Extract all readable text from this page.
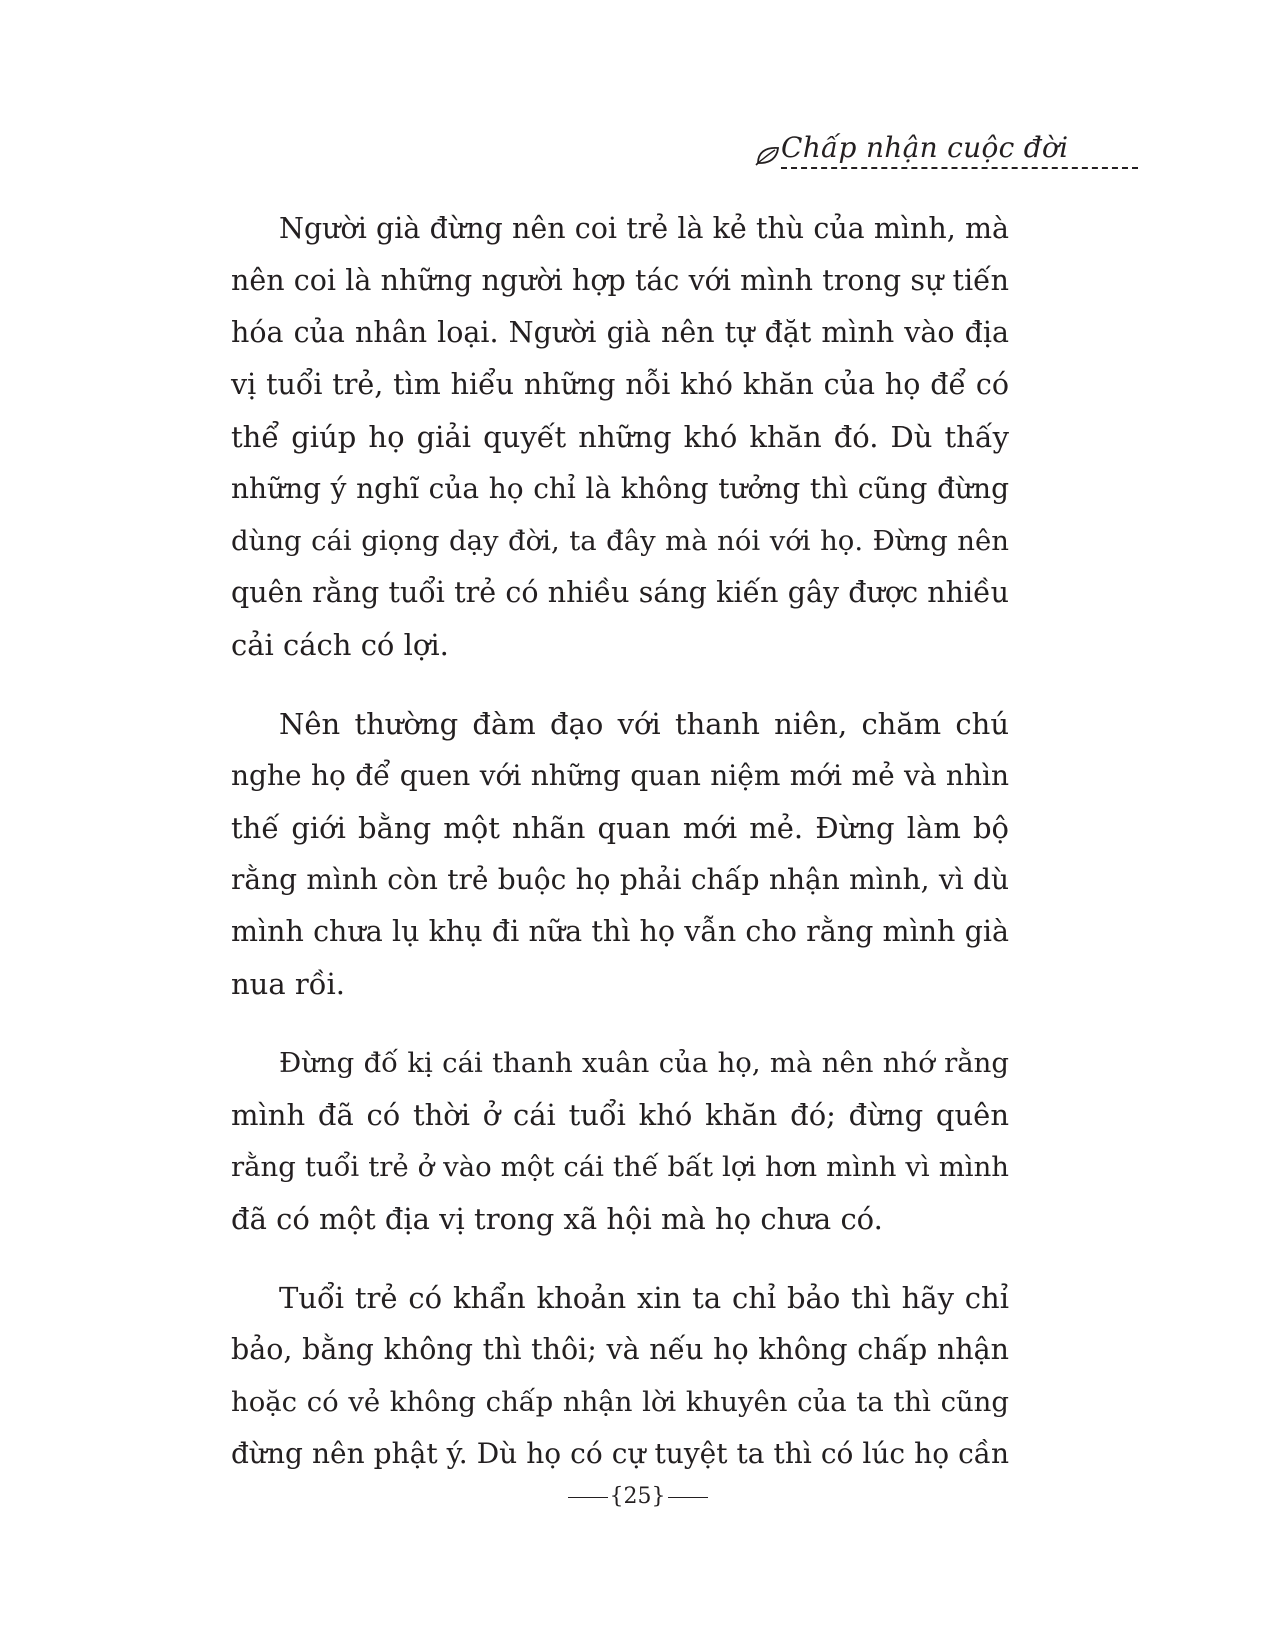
Chấp nhận cuộc đời

Người già đừng nên coi trẻ là kẻ thù của mình, mà
nên coi là những người hợp tác với mình trong sự tiến
hóa của nhân loại. Người già nên tự đặt mình vào địa
vị tuổi trẻ, tìm hiểu những nỗi khó khăn của họ để có
thể giúp họ giải quyết những khó khăn đó. Dù thấy
những ý nghĩ của họ chỉ là không tưởng thì cũng đừng
dùng cái giọng dạy đời, ta đây mà nói với họ. Đừng nên
quên rằng tuổi trẻ có nhiều sáng kiến gây được nhiều
cải cách có lợi.

Nên thường đàm đạo với thanh niên, chăm chú
nghe họ để quen với những quan niệm mới mẻ và nhìn
thế giới bằng một nhãn quan mới mẻ. Đừng làm bộ
rằng mình còn trẻ buộc họ phải chấp nhận mình, vì dù
mình chưa lụ khụ đi nữa thì họ vẫn cho rằng mình già
nua rồi.

Đừng đố kị cái thanh xuân của họ, mà nên nhớ rằng
mình đã có thời ở cái tuổi khó khăn đó; đừng quên
rằng tuổi trẻ ở vào một cái thế bất lợi hơn mình vì mình
đã có một địa vị trong xã hội mà họ chưa có.

Tuổi trẻ có khẩn khoản xin ta chỉ bảo thì hãy chỉ
bảo, bằng không thì thôi; và nếu họ không chấp nhận
hoặc có vẻ không chấp nhận lời khuyên của ta thì cũng
đừng nên phật ý. Dù họ có cự tuyệt ta thì có lúc họ cần

{25}
